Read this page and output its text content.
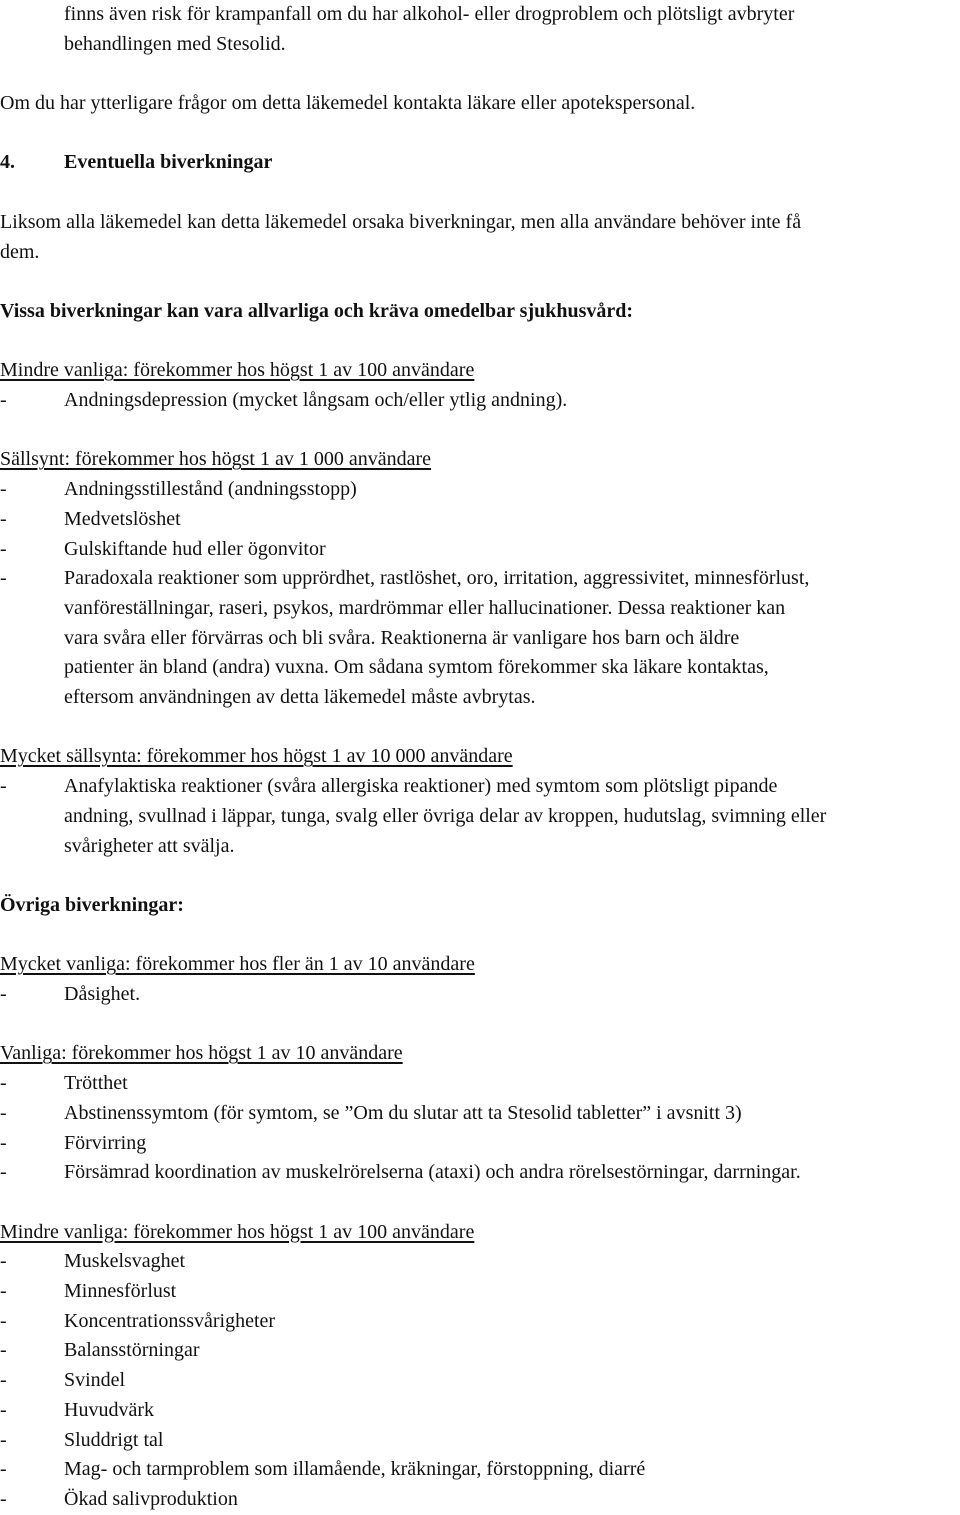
finns även risk för krampanfall om du har alkohol- eller drogproblem och plötsligt avbryter
behandlingen med Stesolid.
Om du har ytterligare frågor om detta läkemedel kontakta läkare eller apotekspersonal.
4. Eventuella biverkningar
Liksom alla läkemedel kan detta läkemedel orsaka biverkningar, men alla användare behöver inte få
dem.
Vissa biverkningar kan vara allvarliga och kräva omedelbar sjukhusvård:
Mindre vanliga: förekommer hos högst 1 av 100 användare
-	Andningsdepression (mycket långsam och/eller ytlig andning).
Sällsynt: förekommer hos högst 1 av 1 000 användare
-	Andningsstillestånd (andningsstopp)
-	Medvetslöshet
-	Gulskiftande hud eller ögonvitor
-	Paradoxala reaktioner som upprördhet, rastlöshet, oro, irritation, aggressivitet, minnesförlust,
vanföreställningar, raseri, psykos, mardrömmar eller hallucinationer. Dessa reaktioner kan
vara svåra eller förvärras och bli svåra. Reaktionerna är vanligare hos barn och äldre
patienter än bland (andra) vuxna. Om sådana symtom förekommer ska läkare kontaktas,
eftersom användningen av detta läkemedel måste avbrytas.
Mycket sällsynta: förekommer hos högst 1 av 10 000 användare
-	Anafylaktiska reaktioner (svåra allergiska reaktioner) med symtom som plötsligt pipande
andning, svullnad i läppar, tunga, svalg eller övriga delar av kroppen, hudutslag, svimning eller
svårigheter att svälja.
Övriga biverkningar:
Mycket vanliga: förekommer hos fler än 1 av 10 användare
-	Dåsighet.
Vanliga: förekommer hos högst 1 av 10 användare
-	Trötthet
-	Abstinenssymtom (för symtom, se ”Om du slutar att ta Stesolid tabletter” i avsnitt 3)
-	Förvirring
-	Försämrad koordination av muskelrörelserna (ataxi) och andra rörelsestörningar, darrningar.
Mindre vanliga: förekommer hos högst 1 av 100 användare
-	Muskelsvaghet
-	Minnesförlust
-	Koncentrationssvårigheter
-	Balansstörningar
-	Svindel
-	Huvudvärk
-	Sluddrigt tal
-	Mag- och tarmproblem som illamående, kräkningar, förstoppning, diarré
-	Ökad salivproduktion
